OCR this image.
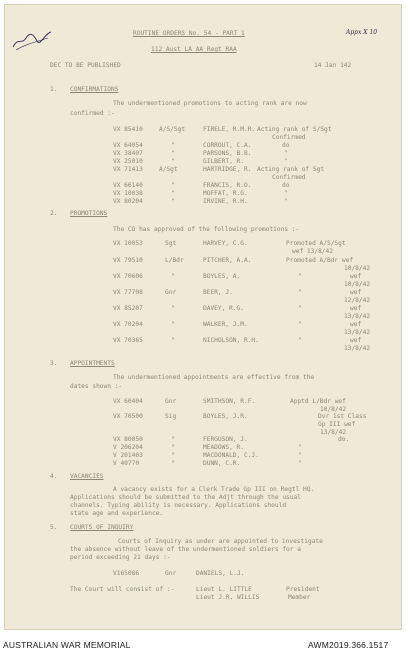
Appx X 10
ROUTINE ORDERS No. 54 - PART 1
112 Aust LA AA Regt RAA
DEC TO BE PUBLISHED	14 Jan 142
1. CONFIRMATIONS
The undermentioned promotions to acting rank are now
confirmed :-
VX 85410	A/S/Sgt	FIRELE, R.M.R. Acting rank of S/Sgt
Confirmed
VX 64054	"	CORROUT, C.A.	do
VX 38407	"	PARSONS, B.B.	"
VX 25010	"	GILBERT, R.	"
VX 71413	A/Sgt	HARTRIDGE, R. Acting rank of Sgt
Confirmed
VX 66140	"	FRANCIS, R.O.	do
VX 10038	"	MOFFAT, R.G.	"
VX 80204	"	IRVINE, R.H.	"
2. PROMOTIONS
The CO has approved of the following promotions :-
VX 10053	Sgt	HARVEY, C.G.	Promoted A/S/Sgt
wef 13/8/42
VX 79510	L/Bdr	PITCHER, A.A.	Promoted A/Bdr wef
10/8/42
VX 70606	"	BOYLES, A.	"	wef
10/8/42
VX 77708	Gnr	BEER, J.	"	wef
12/8/42
VX 85207	"	DAVEY, R.G.	"	wef
13/8/42
VX 70204	"	WALKER, J.M.	"	wef
13/8/42
VX 70365	"	NICHOLSON, R.H.	"	wef
13/8/42
3. APPOINTMENTS
The undermentioned appointments are effective from the
dates shown :-
VX 60404	Gnr	SMITHSON, R.F.	Apptd L/Bdr wef
10/8/42
VX 70500	Sig	BOYLES, J.R.	Dvr 1st Class
Gp III wef
13/8/42
VX 80050	"	FERGUSON, J.	do.
V 206204	"	MEADOWS, R.	"
V 201403	"	MACDONALD, C.J.	"
V 40770	"	DUNN, C.R.	"
4. VACANCIES
A vacancy exists for a Clerk Trade Gp III on Regtl HQ.
Applications should be submitted to the Adjt through the usual
channels. Typing ability is necessary. Applications should
state age and experience.
5. COURTS OF INQUIRY
Courts of Inquiry as under are appointed to investigate
the absence without leave of the undermentioned soldiers for a
period exceeding 21 days :-
V165086	Gnr	DANIELS, L.J.
The Court will consist of :-	Lieut L. LITTLE	President
Lieut J.R. WILLIS	Member
AUSTRALIAN WAR MEMORIAL	AWM2019.366.1517
